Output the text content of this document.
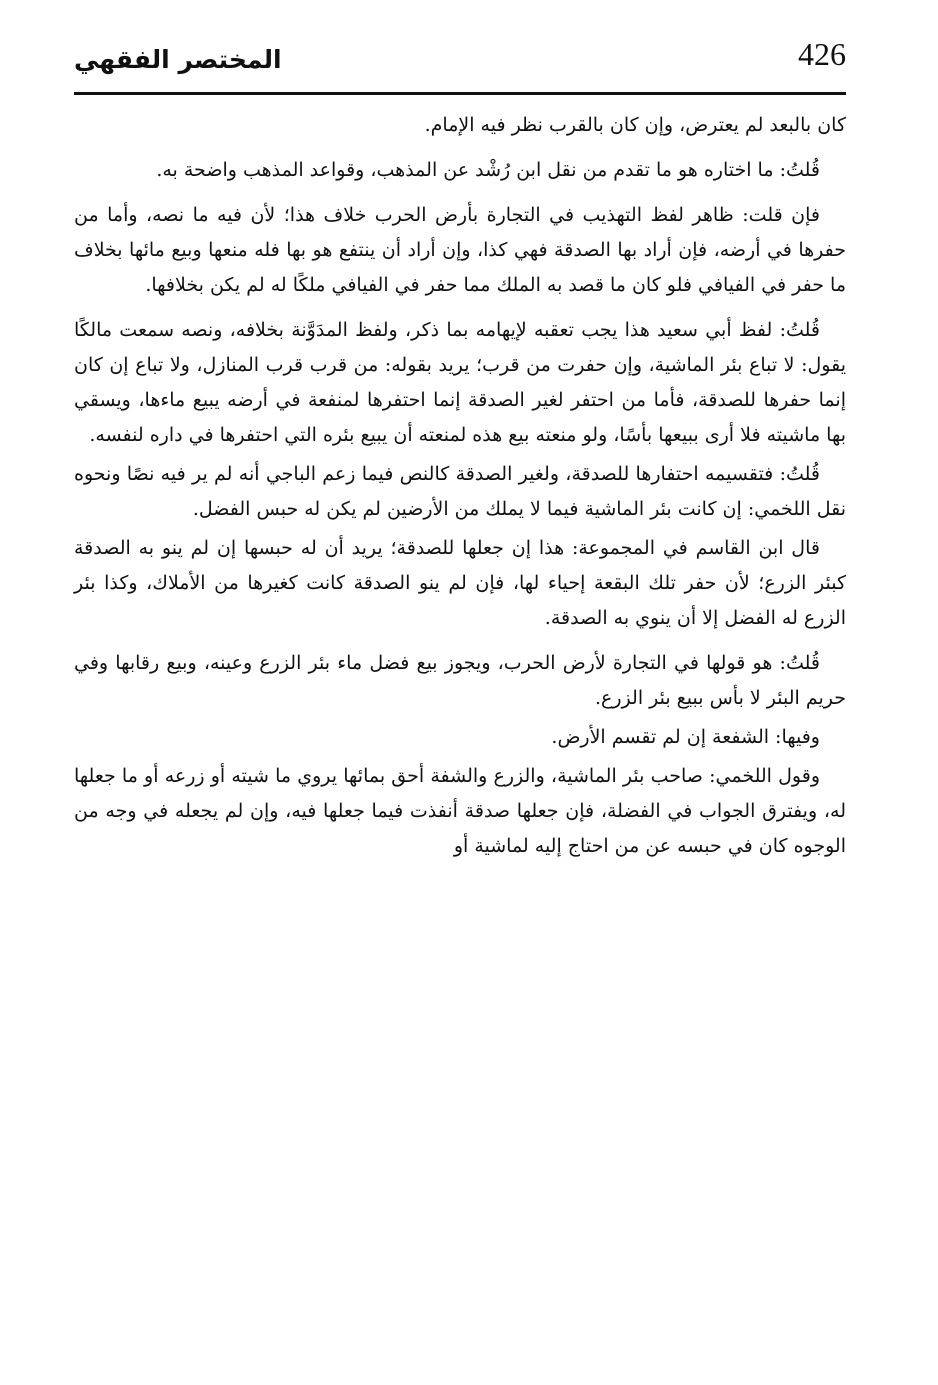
426
المختصر الفقهي

كان بالبعد لم يعترض، وإن كان بالقرب نظر فيه الإمام.

قُلتُ: ما اختاره هو ما تقدم من نقل ابن رُشْد عن المذهب، وقواعد المذهب واضحة به.

فإن قلت: ظاهر لفظ التهذيب في التجارة بأرض الحرب خلاف هذا؛ لأن فيه ما نصه، وأما من حفرها في أرضه، فإن أراد بها الصدقة فهي كذا، وإن أراد أن ينتفع هو بها فله منعها وبيع مائها بخلاف ما حفر في الفيافي فلو كان ما قصد به الملك مما حفر في الفيافي ملكًا له لم يكن بخلافها.

قُلتُ: لفظ أبي سعيد هذا يجب تعقبه لإيهامه بما ذكر، ولفظ المدَوَّنة بخلافه، ونصه سمعت مالكًا يقول: لا تباع بئر الماشية، وإن حفرت من قرب؛ يريد بقوله: من قرب قرب المنازل، ولا تباع إن كان إنما حفرها للصدقة، فأما من احتفر لغير الصدقة إنما احتفرها لمنفعة في أرضه يبيع ماءها، ويسقي بها ماشيته فلا أرى ببيعها بأسًا، ولو منعته بيع هذه لمنعته أن يبيع بئره التي احتفرها في داره لنفسه.

قُلتُ: فتقسيمه احتفارها للصدقة، ولغير الصدقة كالنص فيما زعم الباجي أنه لم ير فيه نصًا ونحوه نقل اللخمي: إن كانت بئر الماشية فيما لا يملك من الأرضين لم يكن له حبس الفضل.

قال ابن القاسم في المجموعة: هذا إن جعلها للصدقة؛ يريد أن له حبسها إن لم ينو به الصدقة كبئر الزرع؛ لأن حفر تلك البقعة إحياء لها، فإن لم ينو الصدقة كانت كغيرها من الأملاك، وكذا بئر الزرع له الفضل إلا أن ينوي به الصدقة.

قُلتُ: هو قولها في التجارة لأرض الحرب، ويجوز بيع فضل ماء بئر الزرع وعينه، وبيع رقابها وفي حريم البئر لا بأس ببيع بئر الزرع.

وفيها: الشفعة إن لم تقسم الأرض.

وقول اللخمي: صاحب بئر الماشية، والزرع والشفة أحق بمائها يروي ما شيته أو زرعه أو ما جعلها له، ويفترق الجواب في الفضلة، فإن جعلها صدقة أنفذت فيما جعلها فيه، وإن لم يجعله في وجه من الوجوه كان في حبسه عن من احتاج إليه لماشية أو
